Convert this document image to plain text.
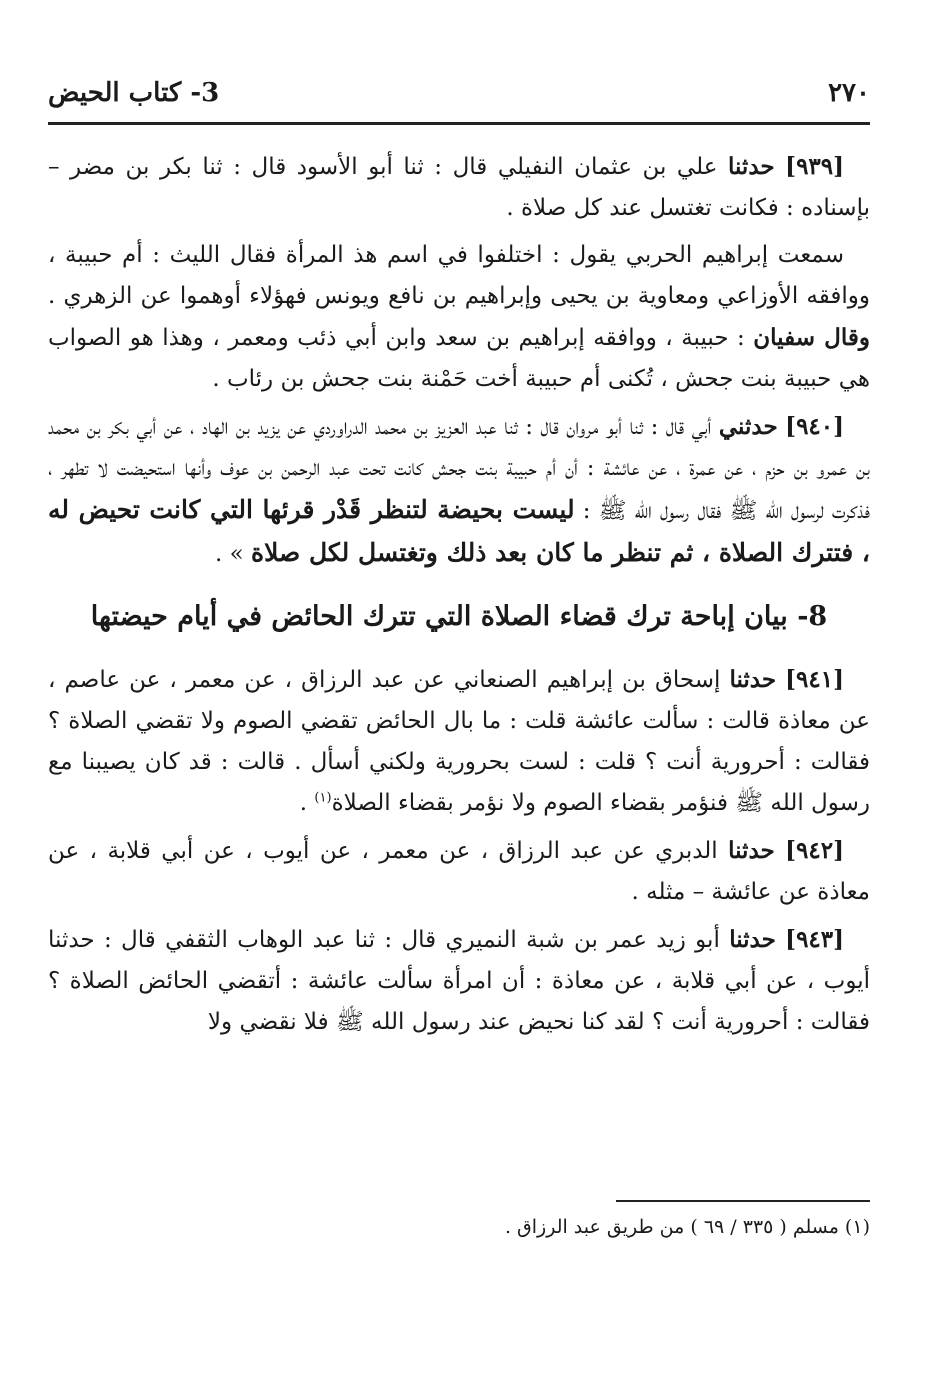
٢٧٠
3- كتاب الحيض

[٩٣٩] حدثنا علي بن عثمان النفيلي قال : ثنا أبو الأسود قال : ثنا بكر بن مضر – بإسناده : فكانت تغتسل عند كل صلاة .

سمعت إبراهيم الحربي يقول : اختلفوا في اسم هذ المرأة فقال الليث : أم حبيبة ، ووافقه الأوزاعي ومعاوية بن يحيى وإبراهيم بن نافع ويونس فهؤلاء أوهموا عن الزهري . وقال سفيان : حبيبة ، ووافقه إبراهيم بن سعد وابن أبي ذئب ومعمر ، وهذا هو الصواب هي حبيبة بنت جحش ، تُكنى أم حبيبة أخت حَمْنة بنت جحش بن رئاب .

[٩٤٠] حدثني أبي قال : ثنا أبو مروان قال : ثنا عبد العزيز بن محمد الدراوردي عن يزيد بن الهاد ، عن أبي بكر بن محمد بن عمرو بن حزم ، عن عمرة ، عن عائشة : أن أم حبيبة بنت جحش كانت تحت عبد الرحمن بن عوف وأنها استحيضت لا تطهر ، فذكرت لرسول الله ﷺ فقال رسول الله ﷺ : ليست بحيضة لتنظر قَدْر قرئها التي كانت تحيض له ، فتترك الصلاة ، ثم تنظر ما كان بعد ذلك وتغتسل لكل صلاة » .

8- بيان إباحة ترك قضاء الصلاة التي تترك الحائض في أيام حيضتها

[٩٤١] حدثنا إسحاق بن إبراهيم الصنعاني عن عبد الرزاق ، عن معمر ، عن عاصم ، عن معاذة قالت : سألت عائشة قلت : ما بال الحائض تقضي الصوم ولا تقضي الصلاة ؟ فقالت : أحرورية أنت ؟ قلت : لست بحرورية ولكني أسأل . قالت : قد كان يصيبنا مع رسول الله ﷺ فنؤمر بقضاء الصوم ولا نؤمر بقضاء الصلاة$^{(١)}$ .

[٩٤٢] حدثنا الدبري عن عبد الرزاق ، عن معمر ، عن أيوب ، عن أبي قلابة ، عن معاذة عن عائشة – مثله .

[٩٤٣] حدثنا أبو زيد عمر بن شبة النميري قال : ثنا عبد الوهاب الثقفي قال : حدثنا أيوب ، عن أبي قلابة ، عن معاذة : أن امرأة سألت عائشة : أتقضي الحائض الصلاة ؟ فقالت : أحرورية أنت ؟ لقد كنا نحيض عند رسول الله ﷺ فلا نقضي ولا

(١) مسلم ( ٣٣٥ / ٦٩ ) من طريق عبد الرزاق .
